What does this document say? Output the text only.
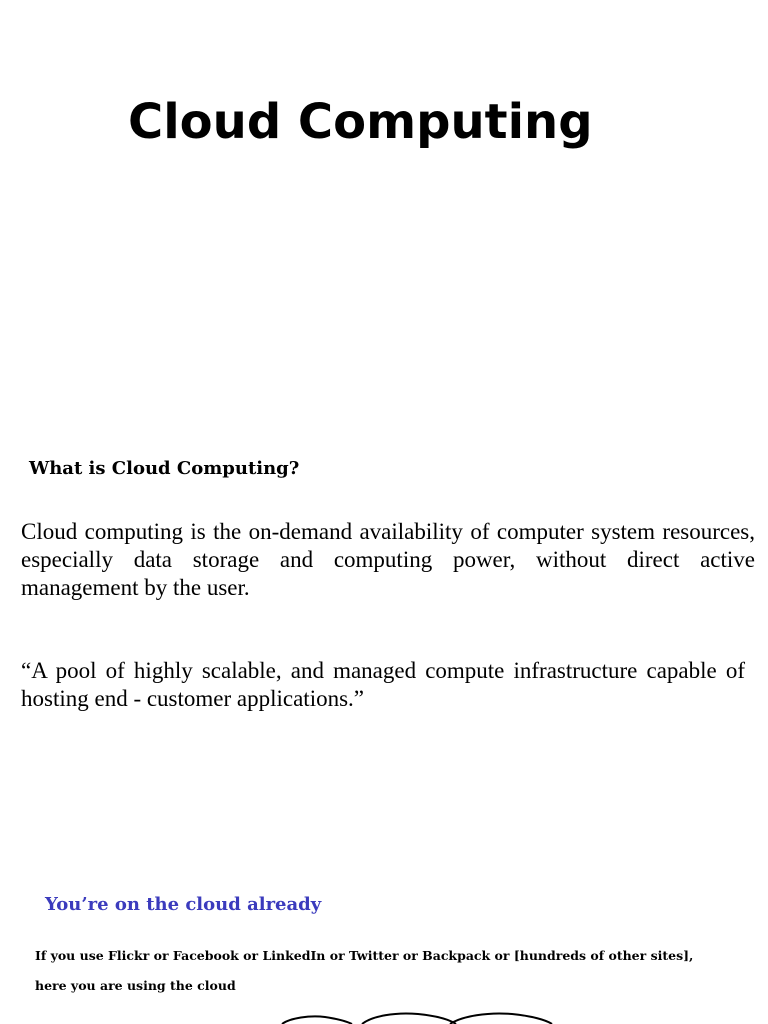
Cloud Computing
What is Cloud Computing?

Cloud computing is the on-demand availability of computer system resources, especially data storage and computing power, without direct active management by the user.

“A pool of highly scalable, and managed compute infrastructure capable of hosting end - customer applications.”

You’re on the cloud already

If you use Flickr or Facebook or LinkedIn or Twitter or Backpack or [hundreds of other sites],

here you are using the cloud
